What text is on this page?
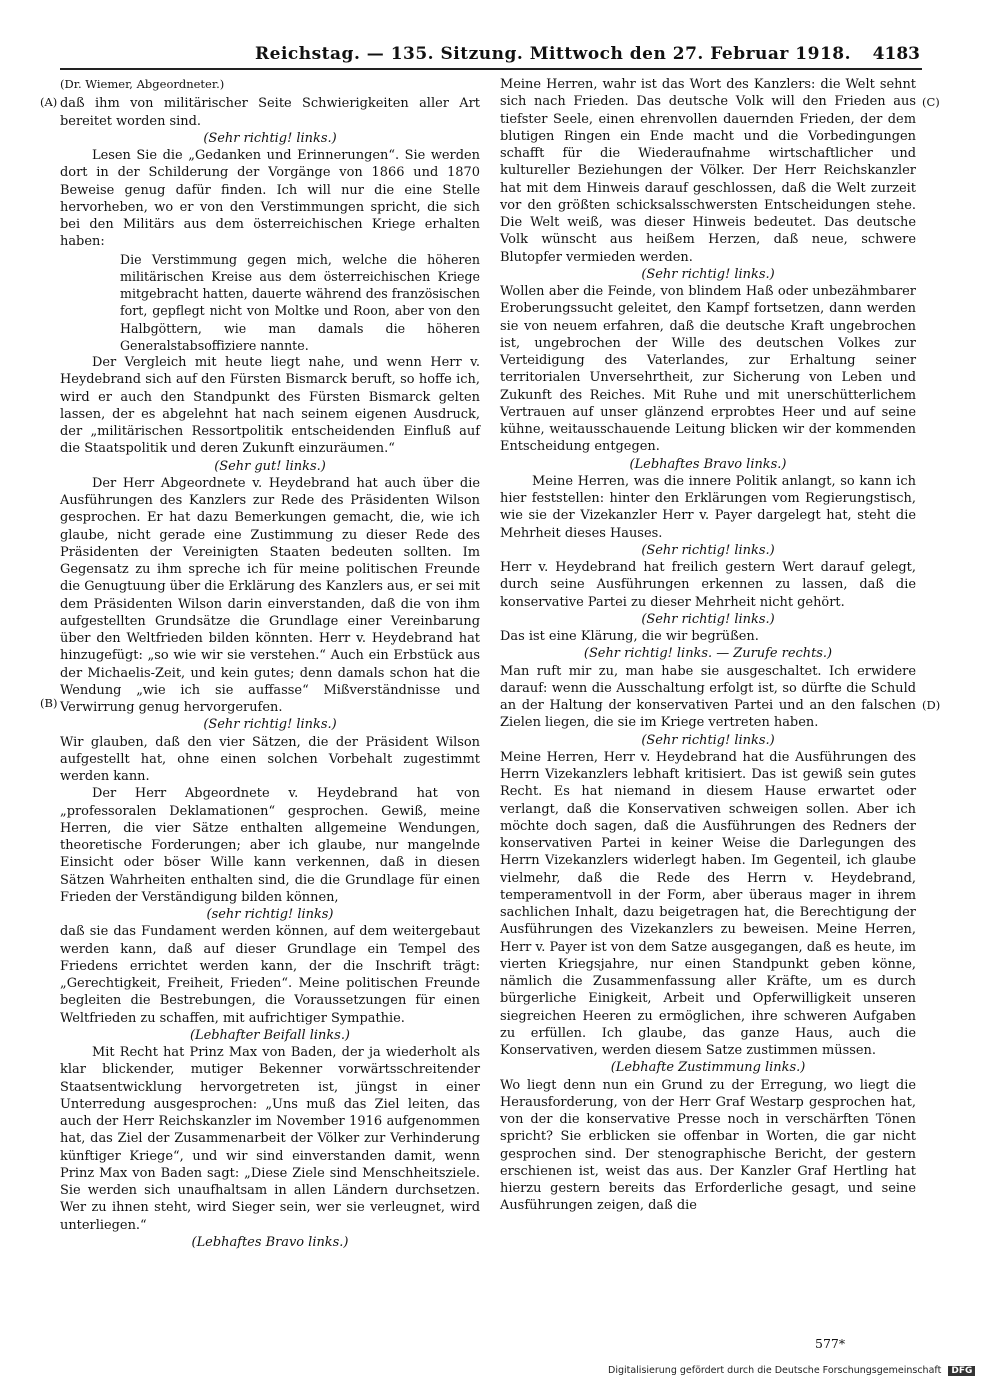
Reichstag. — 135. Sitzung. Mittwoch den 27. Februar 1918. 4183
(A)
(B)
(C)
(D)

(Dr. Wiemer, Abgeordneter.)

daß ihm von militärischer Seite Schwierigkeiten aller Art bereitet worden sind.

(Sehr richtig! links.)

Lesen Sie die „Gedanken und Erinnerungen“. Sie werden dort in der Schilderung der Vorgänge von 1866 und 1870 Beweise genug dafür finden. Ich will nur die eine Stelle hervorheben, wo er von den Verstimmungen spricht, die sich bei den Militärs aus dem österreichischen Kriege erhalten haben:

Die Verstimmung gegen mich, welche die höheren militärischen Kreise aus dem österreichischen Kriege mitgebracht hatten, dauerte während des französischen fort, gepflegt nicht von Moltke und Roon, aber von den Halbgöttern, wie man damals die höheren Generalstabsoffiziere nannte.

Der Vergleich mit heute liegt nahe, und wenn Herr v. Heydebrand sich auf den Fürsten Bismarck beruft, so hoffe ich, wird er auch den Standpunkt des Fürsten Bismarck gelten lassen, der es abgelehnt hat nach seinem eigenen Ausdruck, der „militärischen Ressortpolitik entscheidenden Einfluß auf die Staatspolitik und deren Zukunft einzuräumen.“

(Sehr gut! links.)

Der Herr Abgeordnete v. Heydebrand hat auch über die Ausführungen des Kanzlers zur Rede des Präsidenten Wilson gesprochen. Er hat dazu Bemerkungen gemacht, die, wie ich glaube, nicht gerade eine Zustimmung zu dieser Rede des Präsidenten der Vereinigten Staaten bedeuten sollten. Im Gegensatz zu ihm spreche ich für meine politischen Freunde die Genugtuung über die Erklärung des Kanzlers aus, er sei mit dem Präsidenten Wilson darin einverstanden, daß die von ihm aufgestellten Grundsätze die Grundlage einer Vereinbarung über den Weltfrieden bilden könnten. Herr v. Heydebrand hat hinzugefügt: „so wie wir sie verstehen.“ Auch ein Erbstück aus der Michaelis-Zeit, und kein gutes; denn damals schon hat die Wendung „wie ich sie auffasse“ Mißverständnisse und Verwirrung genug hervorgerufen.

(Sehr richtig! links.)

Wir glauben, daß den vier Sätzen, die der Präsident Wilson aufgestellt hat, ohne einen solchen Vorbehalt zugestimmt werden kann.

Der Herr Abgeordnete v. Heydebrand hat von „professoralen Deklamationen“ gesprochen. Gewiß, meine Herren, die vier Sätze enthalten allgemeine Wendungen, theoretische Forderungen; aber ich glaube, nur mangelnde Einsicht oder böser Wille kann verkennen, daß in diesen Sätzen Wahrheiten enthalten sind, die die Grundlage für einen Frieden der Verständigung bilden können,

(sehr richtig! links)

daß sie das Fundament werden können, auf dem weitergebaut werden kann, daß auf dieser Grundlage ein Tempel des Friedens errichtet werden kann, der die Inschrift trägt: „Gerechtigkeit, Freiheit, Frieden“. Meine politischen Freunde begleiten die Bestrebungen, die Voraussetzungen für einen Weltfrieden zu schaffen, mit aufrichtiger Sympathie.

(Lebhafter Beifall links.)

Mit Recht hat Prinz Max von Baden, der ja wiederholt als klar blickender, mutiger Bekenner vorwärtsschreitender Staatsentwicklung hervorgetreten ist, jüngst in einer Unterredung ausgesprochen: „Uns muß das Ziel leiten, das auch der Herr Reichskanzler im November 1916 aufgenommen hat, das Ziel der Zusammenarbeit der Völker zur Verhinderung künftiger Kriege“, und wir sind einverstanden damit, wenn Prinz Max von Baden sagt: „Diese Ziele sind Menschheitsziele. Sie werden sich unaufhaltsam in allen Ländern durchsetzen. Wer zu ihnen steht, wird Sieger sein, wer sie verleugnet, wird unterliegen.“

(Lebhaftes Bravo links.)

Meine Herren, wahr ist das Wort des Kanzlers: die Welt sehnt sich nach Frieden. Das deutsche Volk will den Frieden aus tiefster Seele, einen ehrenvollen dauernden Frieden, der dem blutigen Ringen ein Ende macht und die Vorbedingungen schafft für die Wiederaufnahme wirtschaftlicher und kultureller Beziehungen der Völker. Der Herr Reichskanzler hat mit dem Hinweis darauf geschlossen, daß die Welt zurzeit vor den größten schicksalsschwersten Entscheidungen stehe. Die Welt weiß, was dieser Hinweis bedeutet. Das deutsche Volk wünscht aus heißem Herzen, daß neue, schwere Blutopfer vermieden werden.

(Sehr richtig! links.)

Wollen aber die Feinde, von blindem Haß oder unbezähmbarer Eroberungssucht geleitet, den Kampf fortsetzen, dann werden sie von neuem erfahren, daß die deutsche Kraft ungebrochen ist, ungebrochen der Wille des deutschen Volkes zur Verteidigung des Vaterlandes, zur Erhaltung seiner territorialen Unversehrtheit, zur Sicherung von Leben und Zukunft des Reiches. Mit Ruhe und mit unerschütterlichem Vertrauen auf unser glänzend erprobtes Heer und auf seine kühne, weitausschauende Leitung blicken wir der kommenden Entscheidung entgegen.

(Lebhaftes Bravo links.)

Meine Herren, was die innere Politik anlangt, so kann ich hier feststellen: hinter den Erklärungen vom Regierungstisch, wie sie der Vizekanzler Herr v. Payer dargelegt hat, steht die Mehrheit dieses Hauses.

(Sehr richtig! links.)

Herr v. Heydebrand hat freilich gestern Wert darauf gelegt, durch seine Ausführungen erkennen zu lassen, daß die konservative Partei zu dieser Mehrheit nicht gehört.

(Sehr richtig! links.)

Das ist eine Klärung, die wir begrüßen.

(Sehr richtig! links. — Zurufe rechts.)

Man ruft mir zu, man habe sie ausgeschaltet. Ich erwidere darauf: wenn die Ausschaltung erfolgt ist, so dürfte die Schuld an der Haltung der konservativen Partei und an den falschen Zielen liegen, die sie im Kriege vertreten haben.

(Sehr richtig! links.)

Meine Herren, Herr v. Heydebrand hat die Ausführungen des Herrn Vizekanzlers lebhaft kritisiert. Das ist gewiß sein gutes Recht. Es hat niemand in diesem Hause erwartet oder verlangt, daß die Konservativen schweigen sollen. Aber ich möchte doch sagen, daß die Ausführungen des Redners der konservativen Partei in keiner Weise die Darlegungen des Herrn Vizekanzlers widerlegt haben. Im Gegenteil, ich glaube vielmehr, daß die Rede des Herrn v. Heydebrand, temperamentvoll in der Form, aber überaus mager in ihrem sachlichen Inhalt, dazu beigetragen hat, die Berechtigung der Ausführungen des Vizekanzlers zu beweisen. Meine Herren, Herr v. Payer ist von dem Satze ausgegangen, daß es heute, im vierten Kriegsjahre, nur einen Standpunkt geben könne, nämlich die Zusammenfassung aller Kräfte, um es durch bürgerliche Einigkeit, Arbeit und Opferwilligkeit unseren siegreichen Heeren zu ermöglichen, ihre schweren Aufgaben zu erfüllen. Ich glaube, das ganze Haus, auch die Konservativen, werden diesem Satze zustimmen müssen.

(Lebhafte Zustimmung links.)

Wo liegt denn nun ein Grund zu der Erregung, wo liegt die Herausforderung, von der Herr Graf Westarp gesprochen hat, von der die konservative Presse noch in verschärften Tönen spricht? Sie erblicken sie offenbar in Worten, die gar nicht gesprochen sind. Der stenographische Bericht, der gestern erschienen ist, weist das aus. Der Kanzler Graf Hertling hat hierzu gestern bereits das Erforderliche gesagt, und seine Ausführungen zeigen, daß die

577*
Digitalisierung gefördert durch die Deutsche Forschungsgemeinschaft DFG
